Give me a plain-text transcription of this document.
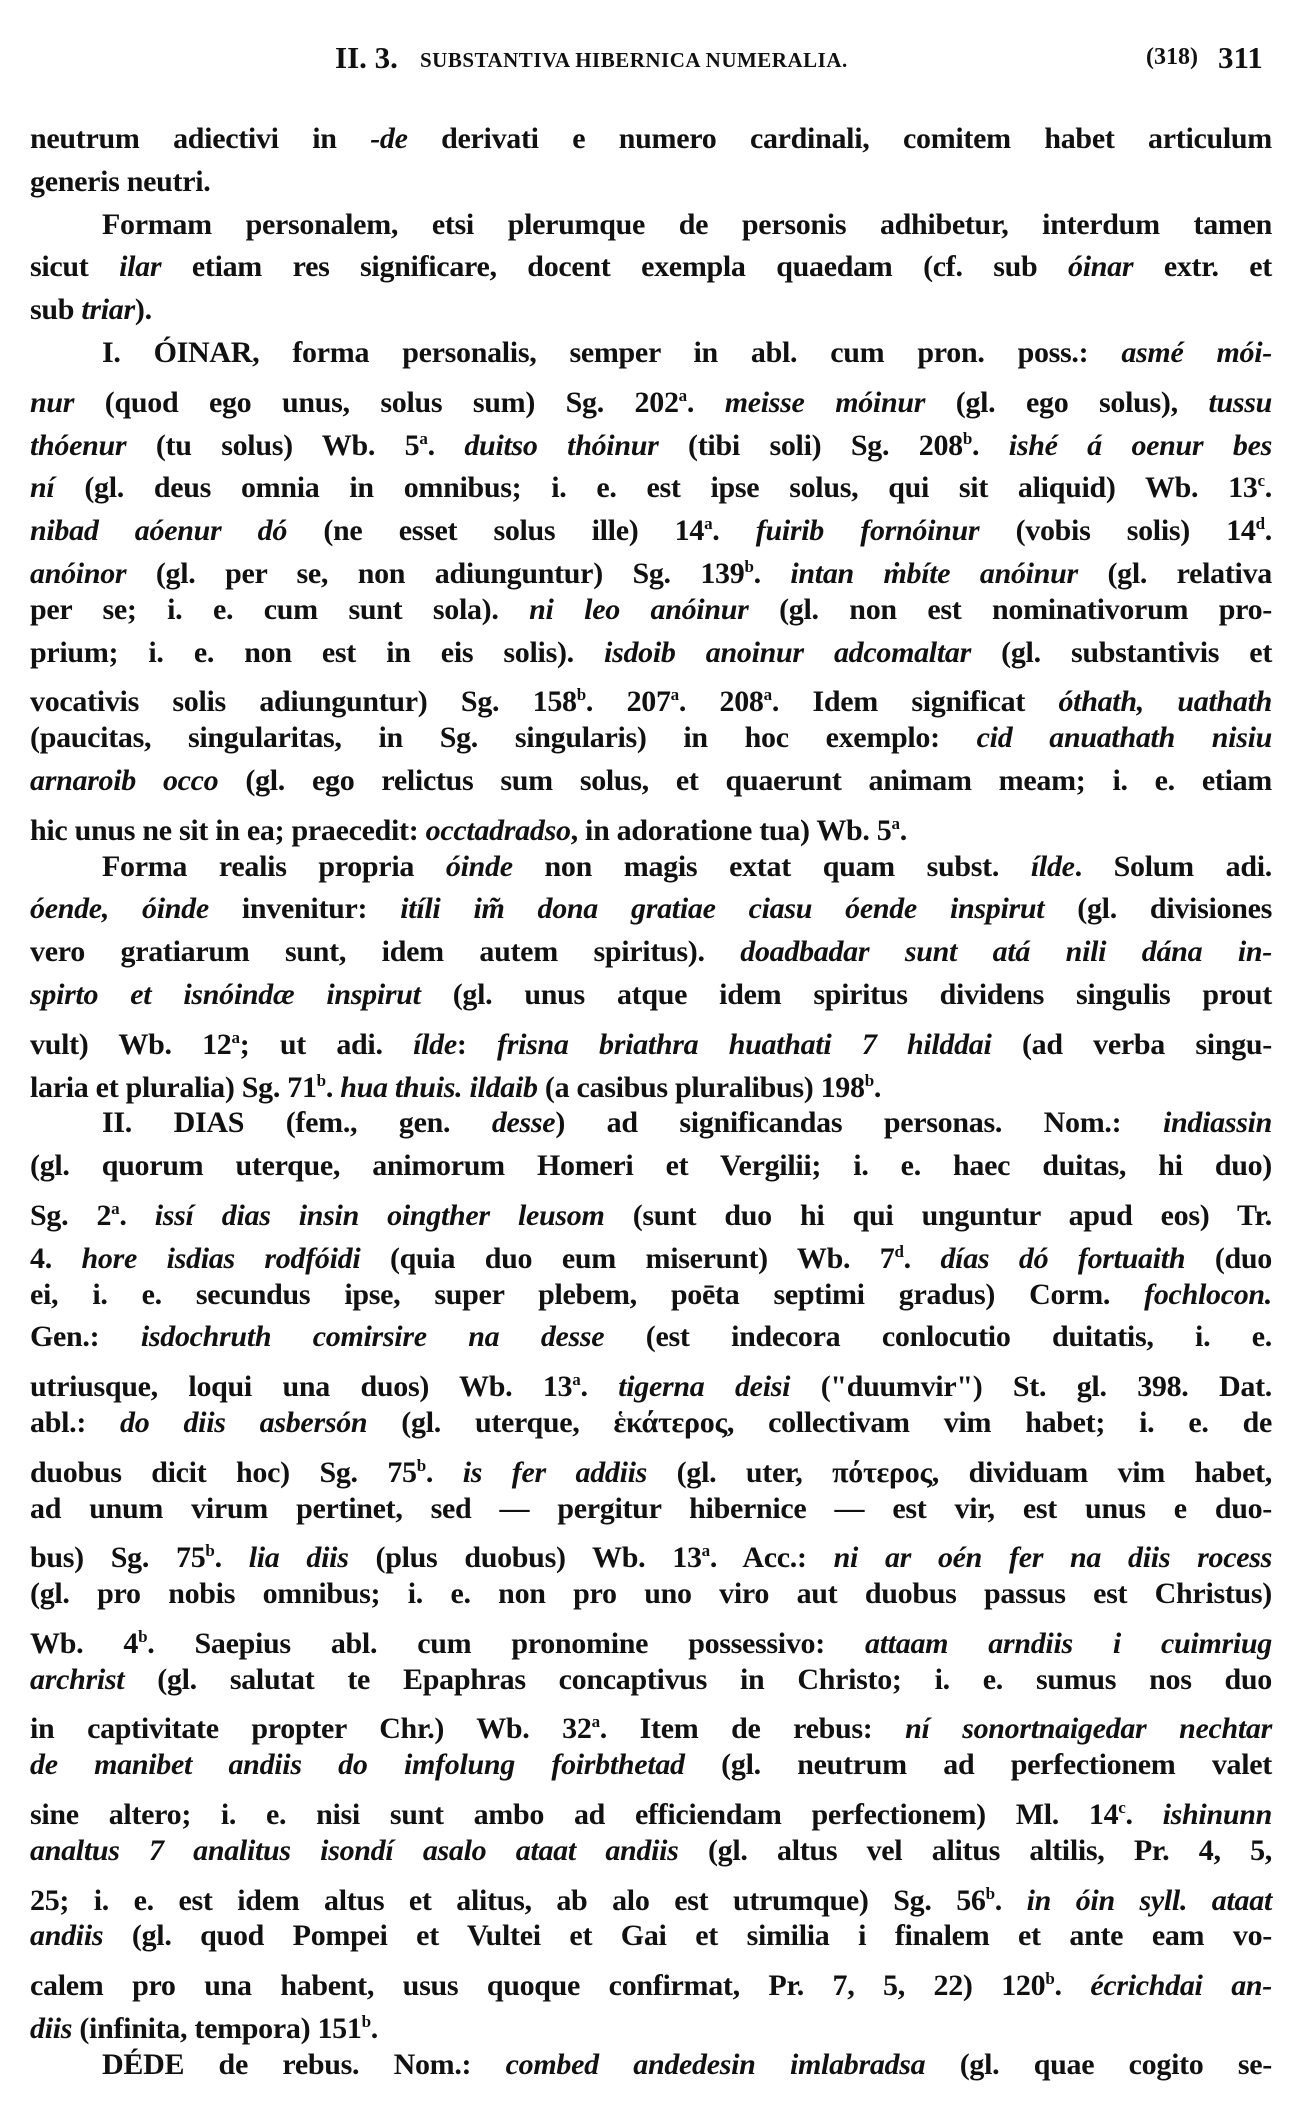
II. 3. SUBSTANTIVA HIBERNICA NUMERALIA.	(318) 311
neutrum adiectivi in -de derivati e numero cardinali, comitem habet articulum
generis neutri.
Formam personalem, etsi plerumque de personis adhibetur, interdum tamen
sicut ilar etiam res significare, docent exempla quaedam (cf. sub óinar extr. et
sub triar).
I. ÓINAR, forma personalis, semper in abl. cum pron. poss.: asmé mói-
nur (quod ego unus, solus sum) Sg. 202$^a$. meisse móinur (gl. ego solus), tussu
thóenur (tu solus) Wb. 5$^a$. duitso thóinur (tibi soli) Sg. 208$^b$. ishé á oenur bes
ní (gl. deus omnia in omnibus; i. e. est ipse solus, qui sit aliquid) Wb. 13$^c$.
nibad aóenur dó (ne esset solus ille) 14$^a$. fuirib fornóinur (vobis solis) 14$^d$.
anóinor (gl. per se, non adiunguntur) Sg. 139$^b$. intan ṁbíte anóinur (gl. relativa
per se; i. e. cum sunt sola). ni leo anóinur (gl. non est nominativorum pro-
prium; i. e. non est in eis solis). isdoib anoinur adcomaltar (gl. substantivis et
vocativis solis adiunguntur) Sg. 158$^b$. 207$^a$. 208$^a$. Idem significat óthath, uathath
(paucitas, singularitas, in Sg. singularis) in hoc exemplo: cid anuathath nisiu
arnaroib occo (gl. ego relictus sum solus, et quaerunt animam meam; i. e. etiam
hic unus ne sit in ea; praecedit: occtadradso, in adoratione tua) Wb. 5$^a$.
Forma realis propria óinde non magis extat quam subst. ílde. Solum adi.
óende, óinde invenitur: itíli im̃ dona gratiae ciasu óende inspirut (gl. divisiones
vero gratiarum sunt, idem autem spiritus). doadbadar sunt atá nili dána in-
spirto et isnóindæ inspirut (gl. unus atque idem spiritus dividens singulis prout
vult) Wb. 12$^a$; ut adi. ílde: frisna briathra huathati 7 hilddai (ad verba singu-
laria et pluralia) Sg. 71$^b$. hua thuis. ildaib (a casibus pluralibus) 198$^b$.
II. DIAS (fem., gen. desse) ad significandas personas. Nom.: indiassin
(gl. quorum uterque, animorum Homeri et Vergilii; i. e. haec duitas, hi duo)
Sg. 2$^a$. issí dias insin oingther leusom (sunt duo hi qui unguntur apud eos) Tr.
4. hore isdias rodfóidi (quia duo eum miserunt) Wb. 7$^d$. días dó fortuaith (duo
ei, i. e. secundus ipse, super plebem, poēta septimi gradus) Corm. fochlocon.
Gen.: isdochruth comirsire na desse (est indecora conlocutio duitatis, i. e.
utriusque, loqui una duos) Wb. 13$^a$. tigerna deisi ("duumvir") St. gl. 398. Dat.
abl.: do diis asbersón (gl. uterque, ἑκάτερος, collectivam vim habet; i. e. de
duobus dicit hoc) Sg. 75$^b$. is fer addiis (gl. uter, πότερος, dividuam vim habet,
ad unum virum pertinet, sed — pergitur hibernice — est vir, est unus e duo-
bus) Sg. 75$^b$. lia diis (plus duobus) Wb. 13$^a$. Acc.: ni ar oén fer na diis rocess
(gl. pro nobis omnibus; i. e. non pro uno viro aut duobus passus est Christus)
Wb. 4$^b$. Saepius abl. cum pronomine possessivo: attaam arndiis i cuimriug
archrist (gl. salutat te Epaphras concaptivus in Christo; i. e. sumus nos duo
in captivitate propter Chr.) Wb. 32$^a$. Item de rebus: ní sonortnaigedar nechtar
de manibet andiis do imfolung foirbthetad (gl. neutrum ad perfectionem valet
sine altero; i. e. nisi sunt ambo ad efficiendam perfectionem) Ml. 14$^c$. ishinunn
analtus 7 analitus isondí asalo ataat andiis (gl. altus vel alitus altilis, Pr. 4, 5,
25; i. e. est idem altus et alitus, ab alo est utrumque) Sg. 56$^b$. in óin syll. ataat
andiis (gl. quod Pompei et Vultei et Gai et similia i finalem et ante eam vo-
calem pro una habent, usus quoque confirmat, Pr. 7, 5, 22) 120$^b$. écrichdai an-
diis (infinita, tempora) 151$^b$.
DÉDE de rebus. Nom.: combed andedesin imlabradsa (gl. quae cogito se-
